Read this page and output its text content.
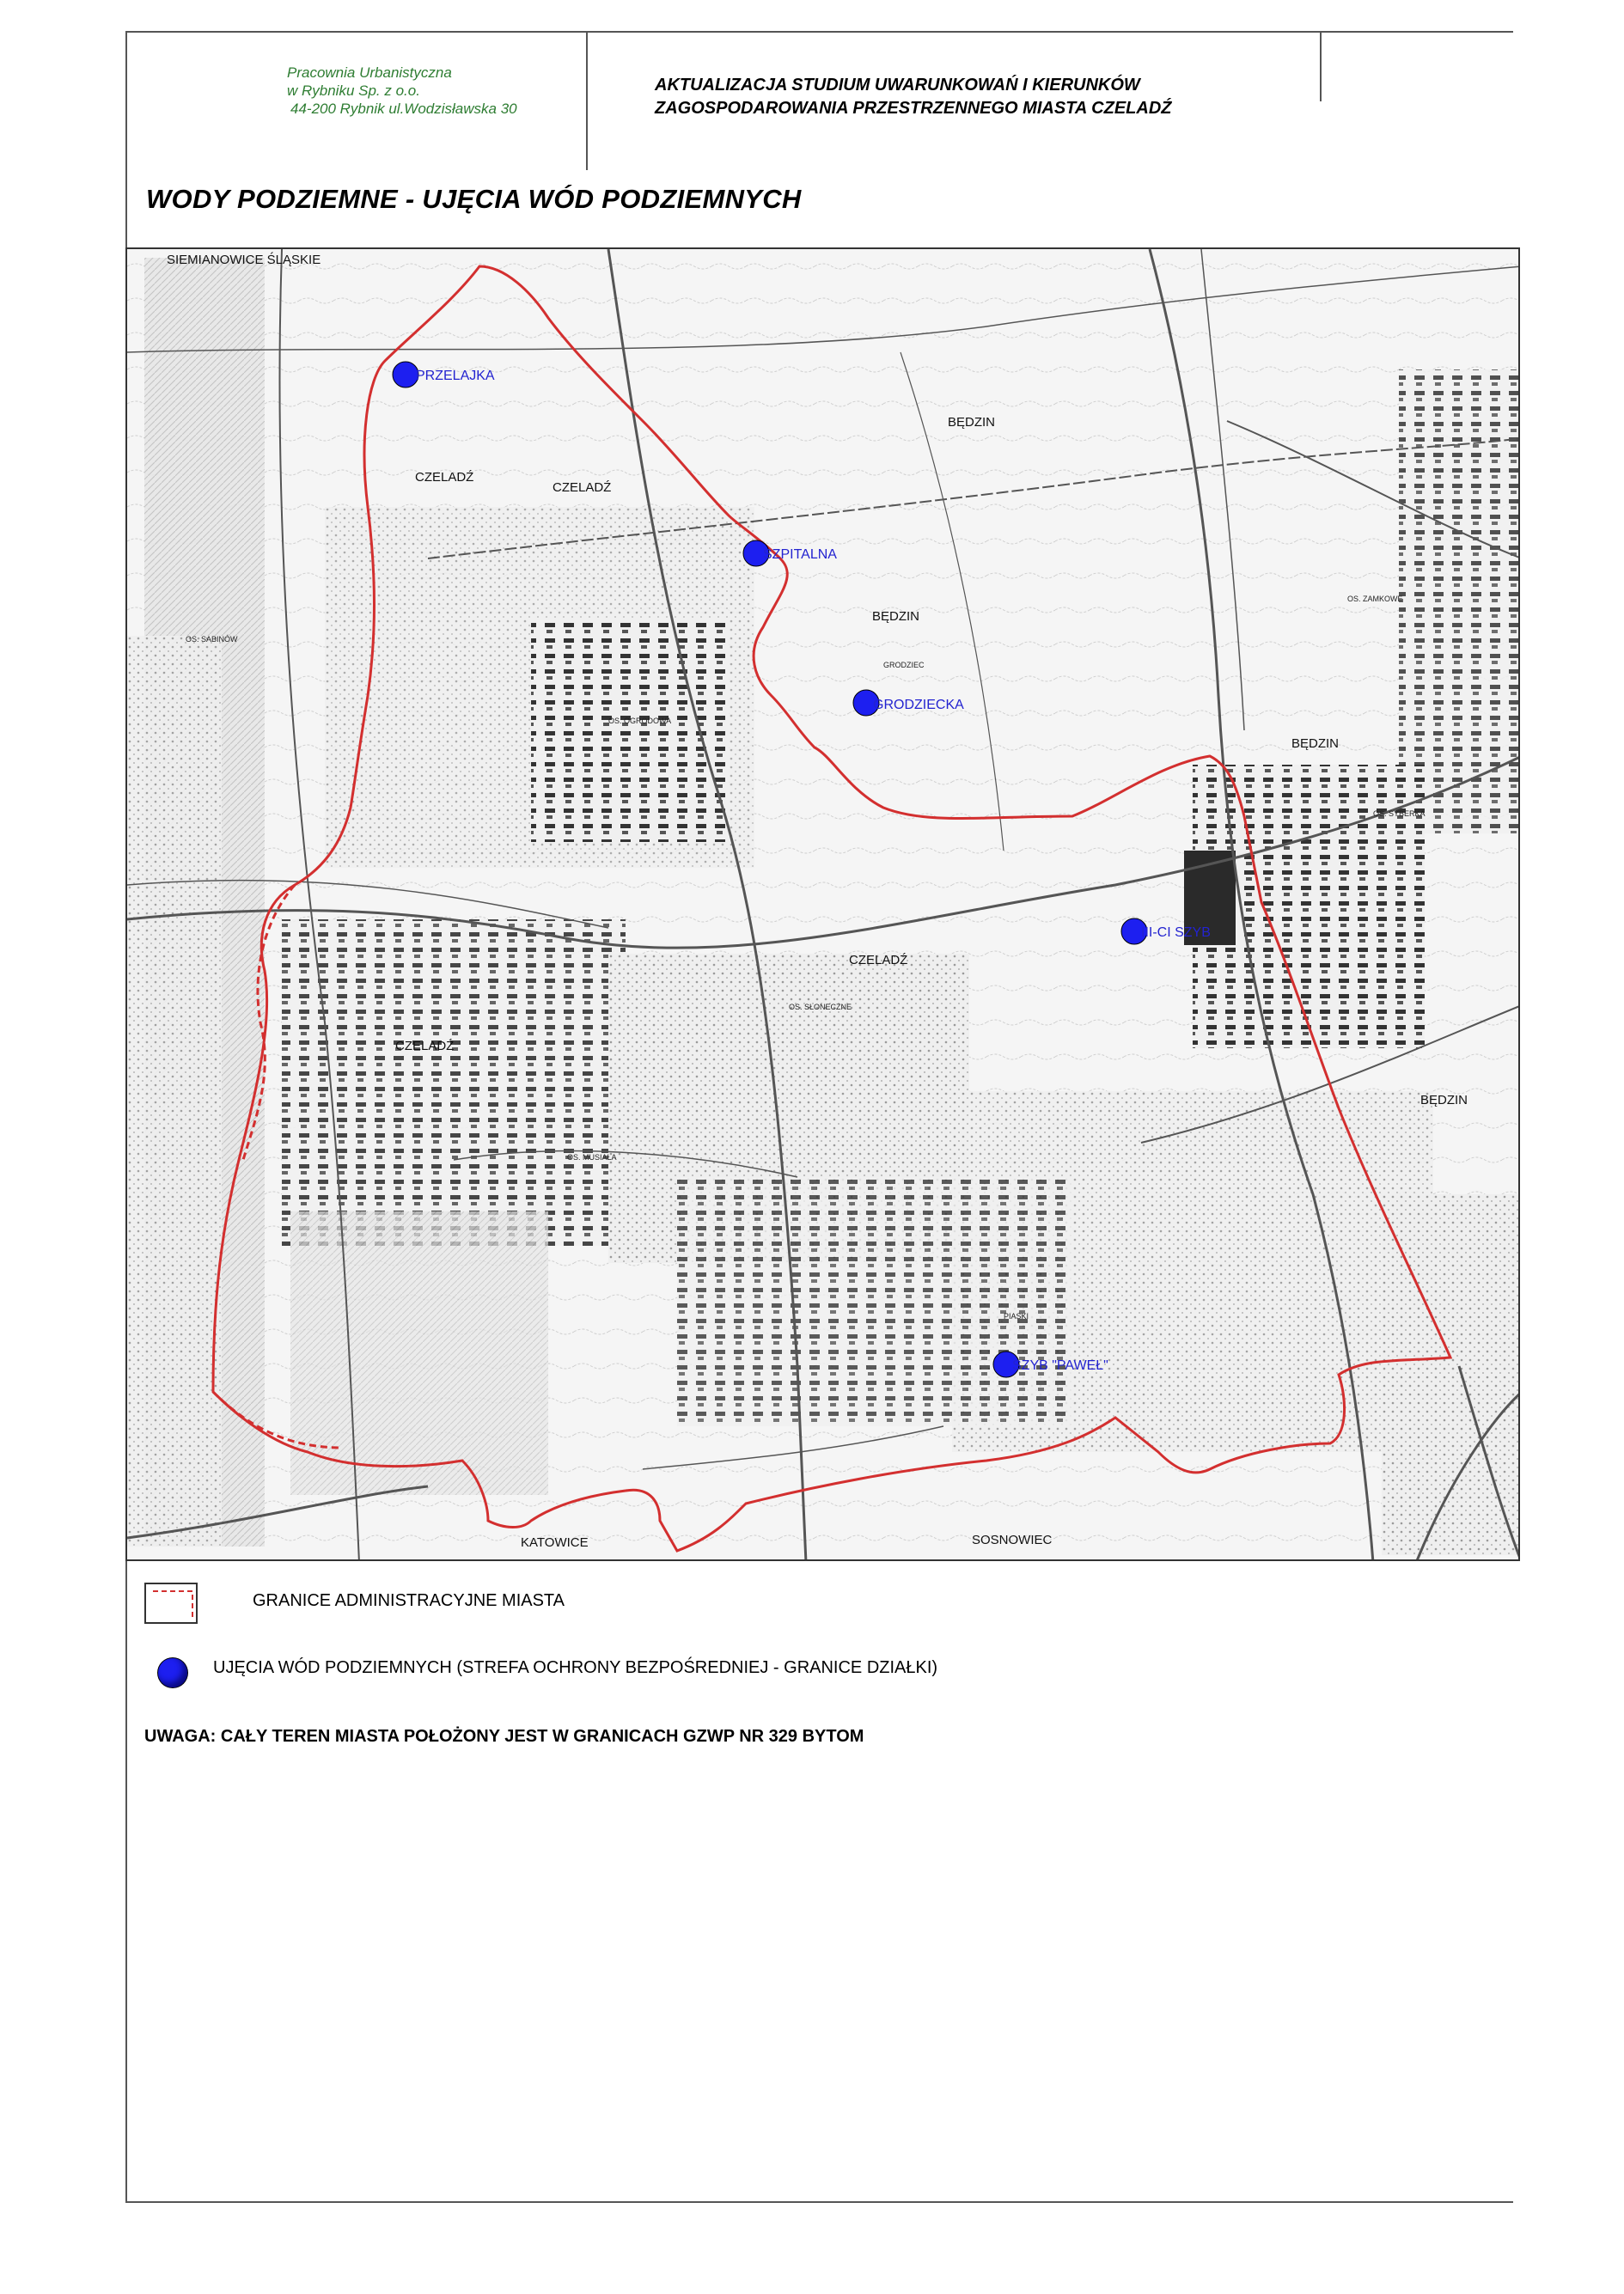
Pracownia Urbanistyczna
w Rybniku Sp. z o.o.
44-200 Rybnik ul.Wodzisławska 30
AKTUALIZACJA STUDIUM UWARUNKOWAŃ I KIERUNKÓW
ZAGOSPODAROWANIA PRZESTRZENNEGO MIASTA CZELADŹ
WODY PODZIEMNE - UJĘCIA WÓD PODZIEMNYCH
SIEMIANOWICE ŚLĄSKIE
CZELADŹ
CZELADŹ
BĘDZIN
BĘDZIN
BĘDZIN
BĘDZIN
CZELADŹ
CZELADŹ
KATOWICE	SOSNOWIEC
OS. ZAMKOWE
OS. SYBERKA
OS. OGRODOWA
OS. SŁONECZNE
OS. MUSIAŁA
PIASKI
GRODZIEC
OS. SABINÓW
PRZELAJKA
SZPITALNA
GRODZIECKA
III-CI SZYB
SZYB "PAWEŁ"
GRANICE ADMINISTRACYJNE MIASTA
UJĘCIA WÓD PODZIEMNYCH (STREFA OCHRONY BEZPOŚREDNIEJ - GRANICE DZIAŁKI)
UWAGA: CAŁY TEREN MIASTA POŁOŻONY JEST W GRANICACH GZWP NR 329 BYTOM
